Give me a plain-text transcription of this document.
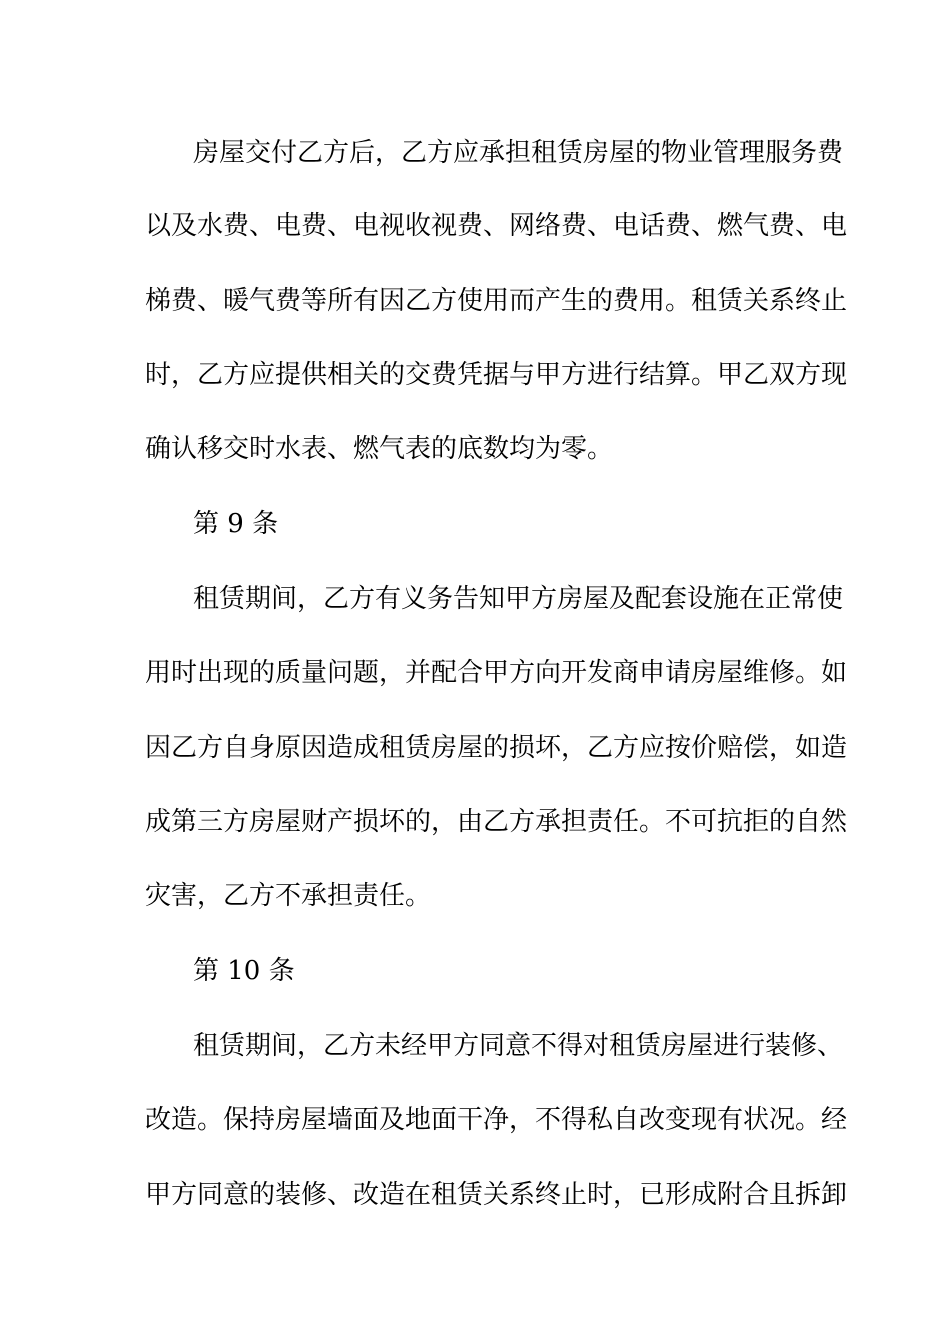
房屋交付乙方后，乙方应承担租赁房屋的物业管理服务费
以及水费、电费、电视收视费、网络费、电话费、燃气费、电
梯费、暖气费等所有因乙方使用而产生的费用。租赁关系终止
时，乙方应提供相关的交费凭据与甲方进行结算。甲乙双方现
确认移交时水表、燃气表的底数均为零。
第 9 条
租赁期间，乙方有义务告知甲方房屋及配套设施在正常使
用时出现的质量问题，并配合甲方向开发商申请房屋维修。如
因乙方自身原因造成租赁房屋的损坏，乙方应按价赔偿，如造
成第三方房屋财产损坏的，由乙方承担责任。不可抗拒的自然
灾害，乙方不承担责任。
第 10 条
租赁期间，乙方未经甲方同意不得对租赁房屋进行装修、
改造。保持房屋墙面及地面干净，不得私自改变现有状况。经
甲方同意的装修、改造在租赁关系终止时，已形成附合且拆卸
